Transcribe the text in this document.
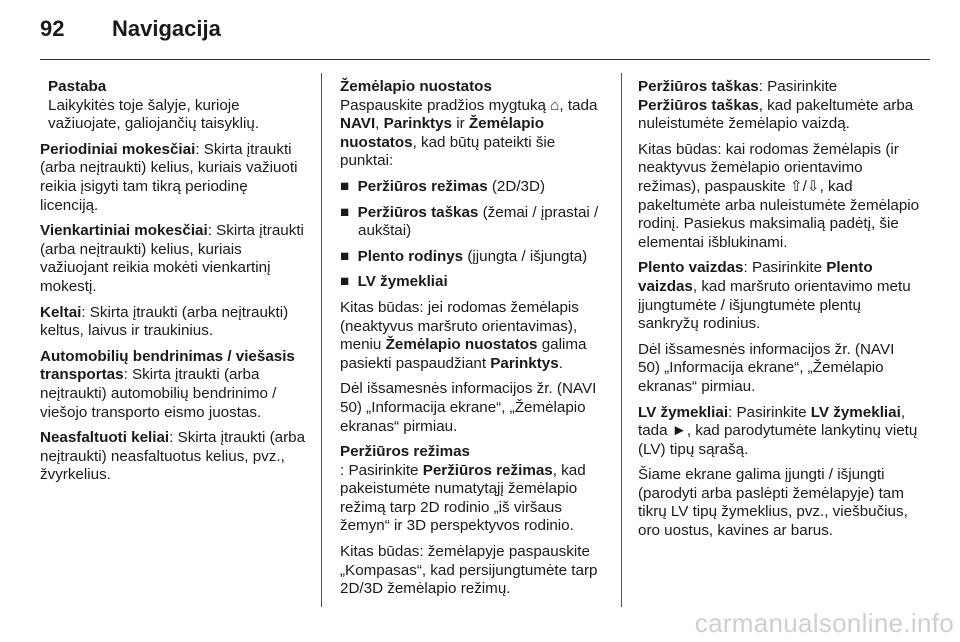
92 Navigacija

Pastaba
Laikykitės toje šalyje, kurioje važiuojate, galiojančių taisyklių.

Periodiniai mokesčiai: Skirta įtraukti (arba neįtraukti) kelius, kuriais važiuoti reikia įsigyti tam tikrą periodinę licenciją.

Vienkartiniai mokesčiai: Skirta įtraukti (arba neįtraukti) kelius, kuriais važiuojant reikia mokėti vienkartinį mokestį.

Keltai: Skirta įtraukti (arba neįtraukti) keltus, laivus ir traukinius.

Automobilių bendrinimas / viešasis transportas: Skirta įtraukti (arba neįtraukti) automobilių bendrinimo / viešojo transporto eismo juostas.

Neasfaltuoti keliai: Skirta įtraukti (arba neįtraukti) neasfaltuotus kelius, pvz., žvyrkelius.

Žemėlapio nuostatos
Paspauskite pradžios mygtuką ⌂, tada NAVI, Parinktys ir Žemėlapio nuostatos, kad būtų pateikti šie punktai:

■ Peržiūros režimas (2D/3D)

■ Peržiūros taškas (žemai / įprastai / aukštai)

■ Plento rodinys (įjungta / išjungta)

■ LV žymekliai

Kitas būdas: jei rodomas žemėlapis (neaktyvus maršruto orientavimas), meniu Žemėlapio nuostatos galima pasiekti paspaudžiant Parinktys.

Dėl išsamesnės informacijos žr. (NAVI 50) „Informacija ekrane“, „Žemėlapio ekranas“ pirmiau.

Peržiūros režimas
: Pasirinkite Peržiūros režimas, kad pakeistumėte numatytąjį žemėlapio režimą tarp 2D rodinio „iš viršaus žemyn“ ir 3D perspektyvos rodinio.

Kitas būdas: žemėlapyje paspauskite „Kompasas“, kad persijungtumėte tarp 2D/3D žemėlapio režimų.

Peržiūros taškas: Pasirinkite
Peržiūros taškas, kad pakeltumėte arba nuleistumėte žemėlapio vaizdą.

Kitas būdas: kai rodomas žemėlapis (ir neaktyvus žemėlapio orientavimo režimas), paspauskite ⇧/⇩, kad pakeltumėte arba nuleistumėte žemėlapio rodinį. Pasiekus maksimalią padėtį, šie elementai išblukinami.

Plento vaizdas: Pasirinkite Plento vaizdas, kad maršruto orientavimo metu įjungtumėte / išjungtumėte plentų sankryžų rodinius.

Dėl išsamesnės informacijos žr. (NAVI 50) „Informacija ekrane“, „Žemėlapio ekranas“ pirmiau.

LV žymekliai: Pasirinkite LV žymekliai, tada ►, kad parodytumėte lankytinų vietų (LV) tipų sąrašą.

Šiame ekrane galima įjungti / išjungti (parodyti arba paslėpti žemėlapyje) tam tikrų LV tipų žymeklius, pvz., viešbučius, oro uostus, kavines ar barus.

carmanualsonline.info
